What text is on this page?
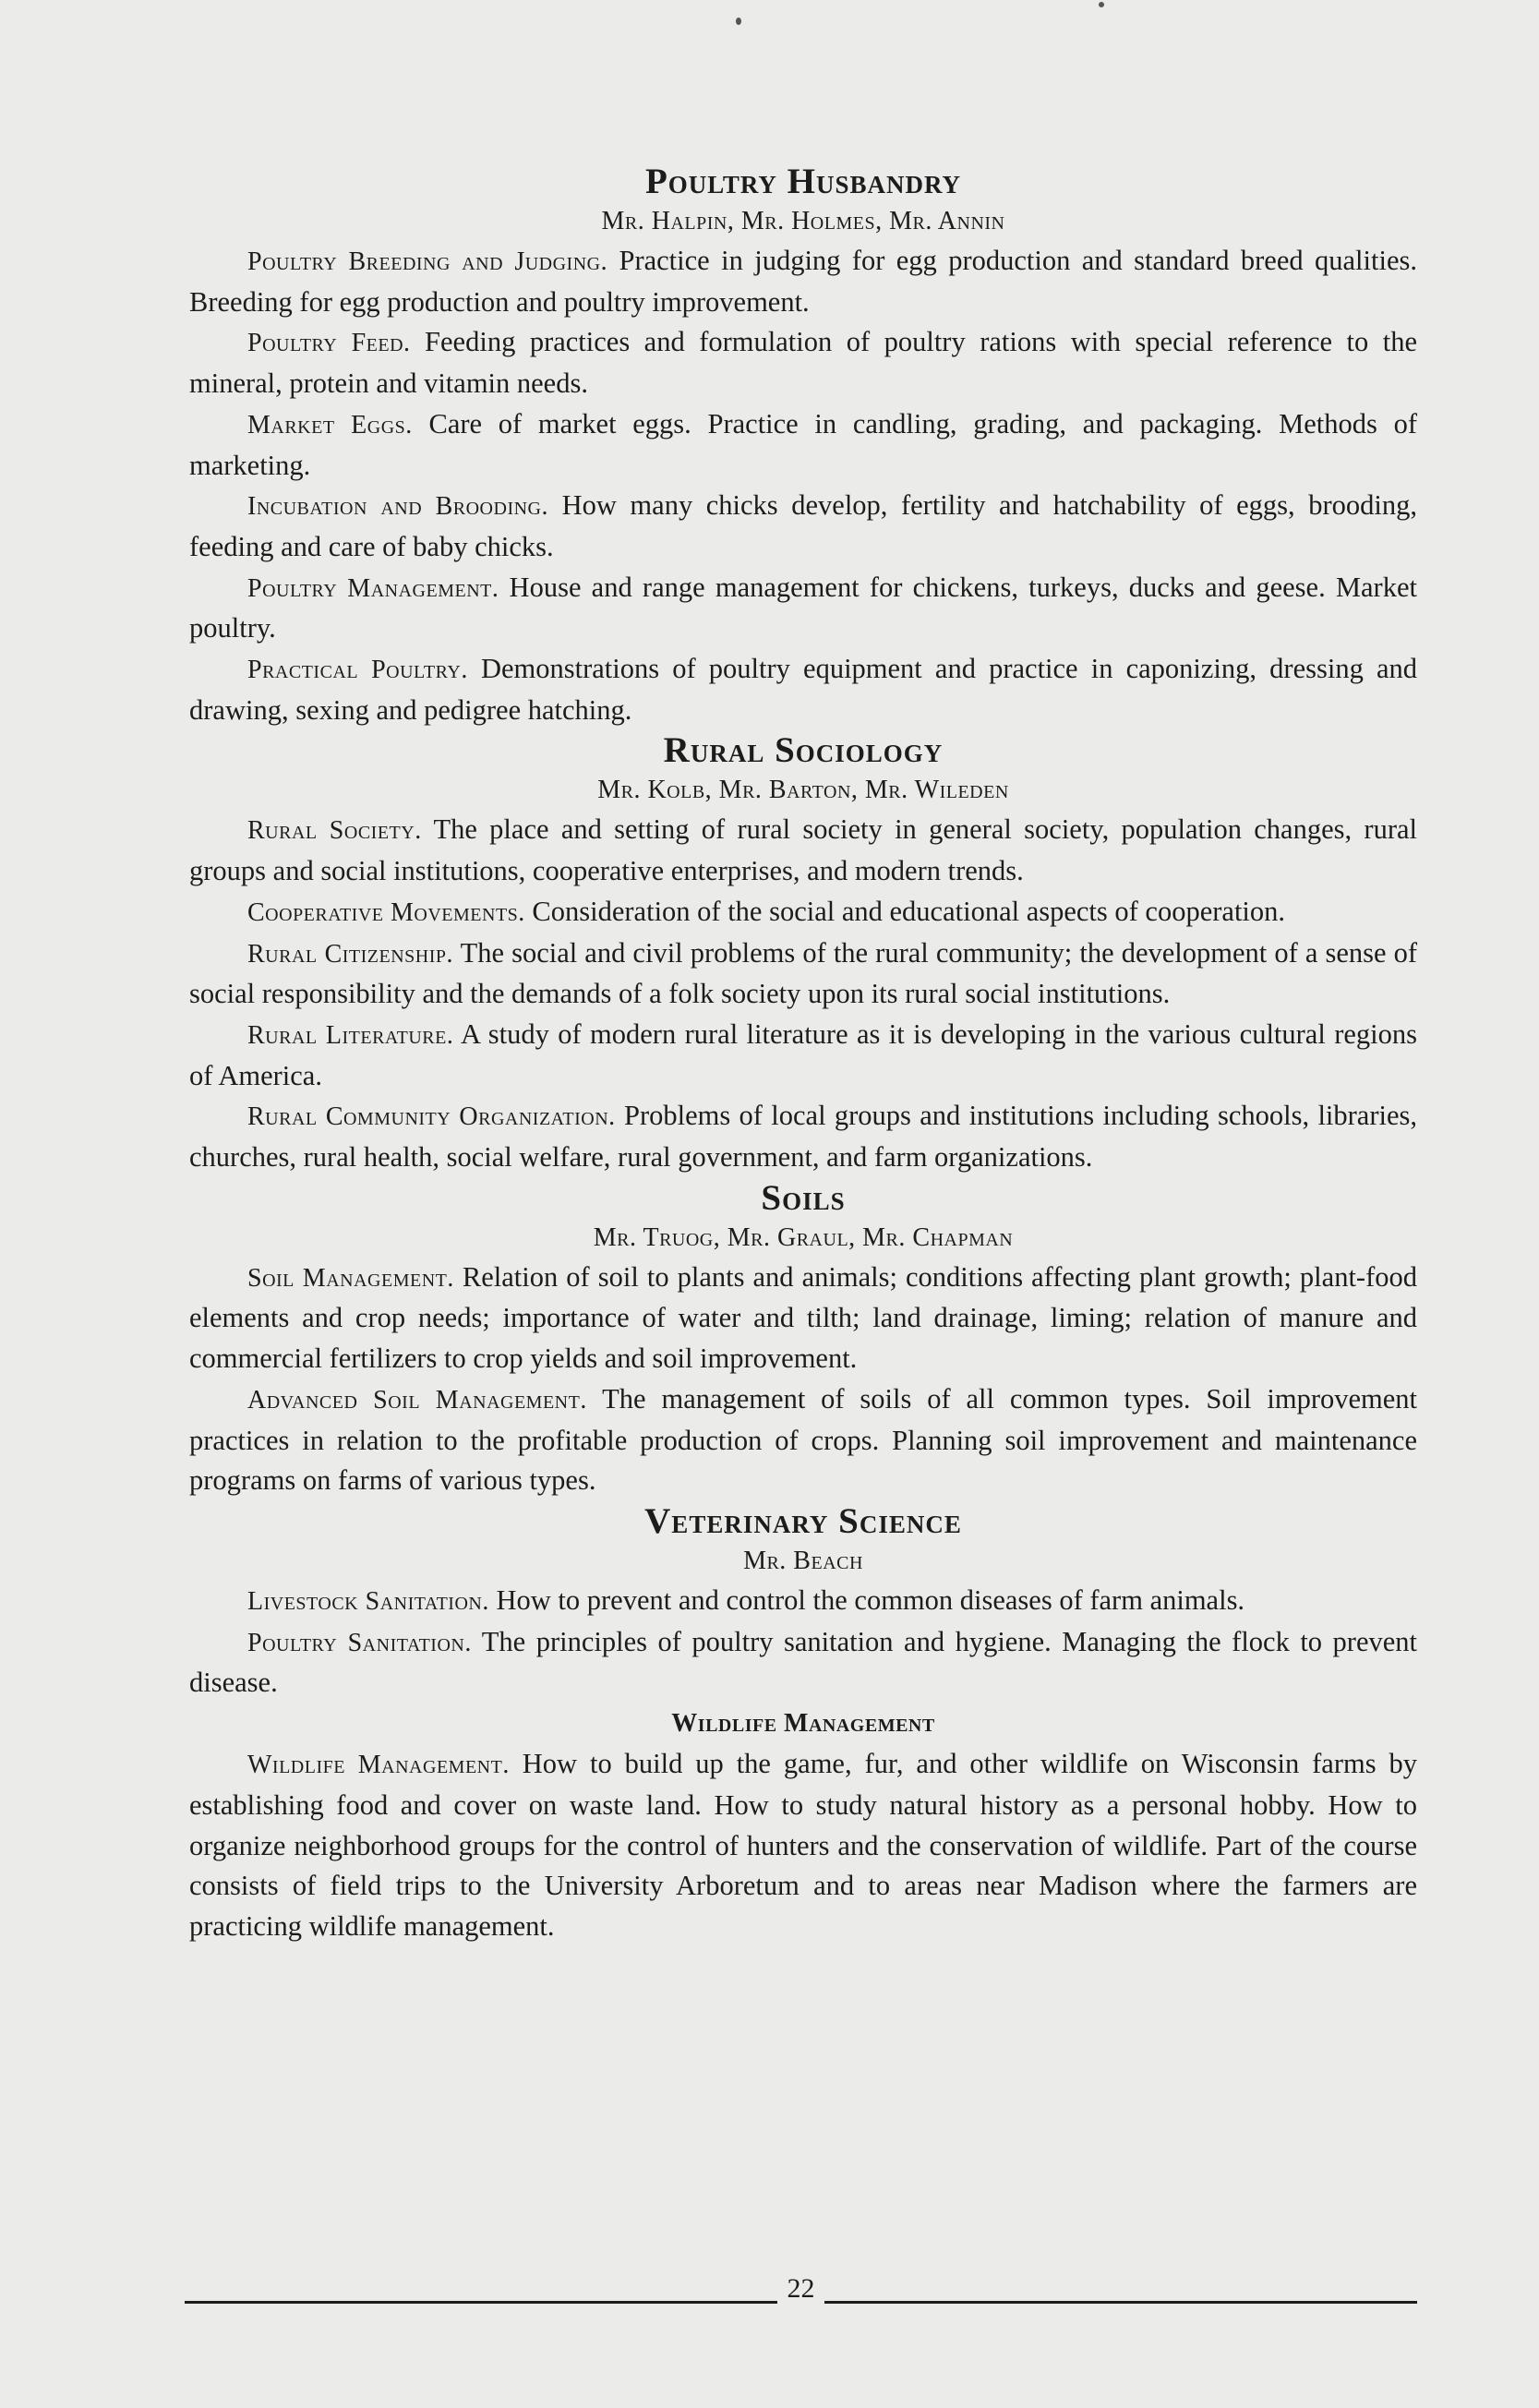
Poultry Husbandry

Mr. Halpin, Mr. Holmes, Mr. Annin

Poultry Breeding and Judging. Practice in judging for egg production and standard breed qualities. Breeding for egg production and poultry improvement.

Poultry Feed. Feeding practices and formulation of poultry rations with special reference to the mineral, protein and vitamin needs.

Market Eggs. Care of market eggs. Practice in candling, grading, and packaging. Methods of marketing.

Incubation and Brooding. How many chicks develop, fertility and hatchability of eggs, brooding, feeding and care of baby chicks.

Poultry Management. House and range management for chickens, turkeys, ducks and geese. Market poultry.

Practical Poultry. Demonstrations of poultry equipment and practice in caponizing, dressing and drawing, sexing and pedigree hatching.

Rural Sociology

Mr. Kolb, Mr. Barton, Mr. Wileden

Rural Society. The place and setting of rural society in general society, population changes, rural groups and social institutions, cooperative enterprises, and modern trends.

Cooperative Movements. Consideration of the social and educational aspects of cooperation.

Rural Citizenship. The social and civil problems of the rural community; the development of a sense of social responsibility and the demands of a folk society upon its rural social institutions.

Rural Literature. A study of modern rural literature as it is developing in the various cultural regions of America.

Rural Community Organization. Problems of local groups and institutions including schools, libraries, churches, rural health, social welfare, rural government, and farm organizations.

Soils

Mr. Truog, Mr. Graul, Mr. Chapman

Soil Management. Relation of soil to plants and animals; conditions affecting plant growth; plant-food elements and crop needs; importance of water and tilth; land drainage, liming; relation of manure and commercial fertilizers to crop yields and soil improvement.

Advanced Soil Management. The management of soils of all common types. Soil improvement practices in relation to the profitable production of crops. Planning soil improvement and maintenance programs on farms of various types.

Veterinary Science

Mr. Beach

Livestock Sanitation. How to prevent and control the common diseases of farm animals.

Poultry Sanitation. The principles of poultry sanitation and hygiene. Managing the flock to prevent disease.

Wildlife Management

Wildlife Management. How to build up the game, fur, and other wildlife on Wisconsin farms by establishing food and cover on waste land. How to study natural history as a personal hobby. How to organize neighborhood groups for the control of hunters and the conservation of wildlife. Part of the course consists of field trips to the University Arboretum and to areas near Madison where the farmers are practicing wildlife management.

22
